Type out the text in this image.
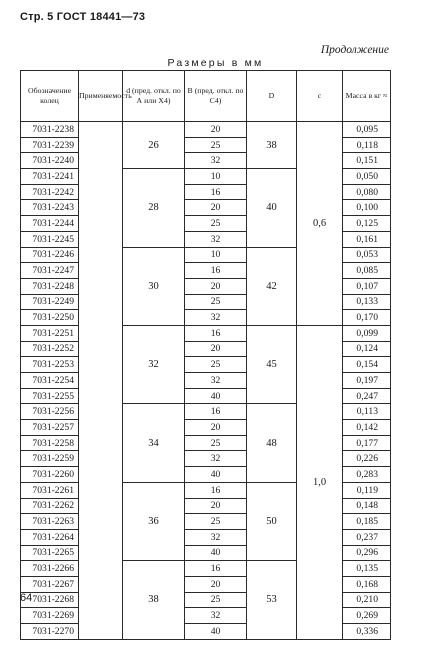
Стр. 5 ГОСТ 18441—73
Продолжение
Размеры в мм
Обозначение колец	Применяемость	d (пред. откл. по А или Х4)	B (пред. откл. по С4)	D	c	Масса в кг ≈
7031-2238		26	20	38	0,6	0,095
7031-2239			25			0,118
7031-2240			32			0,151
7031-2241		28	10	40		0,050
7031-2242			16			0,080
7031-2243			20			0,100
7031-2244			25			0,125
7031-2245			32			0,161
7031-2246		30	10	42		0,053
7031-2247			16			0,085
7031-2248			20			0,107
7031-2249			25			0,133
7031-2250			32			0,170
7031-2251		32	16	45	1,0	0,099
7031-2252			20			0,124
7031-2253			25			0,154
7031-2254			32			0,197
7031-2255			40			0,247
7031-2256		34	16	48		0,113
7031-2257			20			0,142
7031-2258			25			0,177
7031-2259			32			0,226
7031-2260			40			0,283
7031-2261		36	16	50		0,119
7031-2262			20			0,148
7031-2263			25			0,185
7031-2264			32			0,237
7031-2265			40			0,296
7031-2266		38	16	53		0,135
7031-2267			20			0,168
7031-2268			25			0,210
7031-2269			32			0,269
7031-2270			40			0,336
64
